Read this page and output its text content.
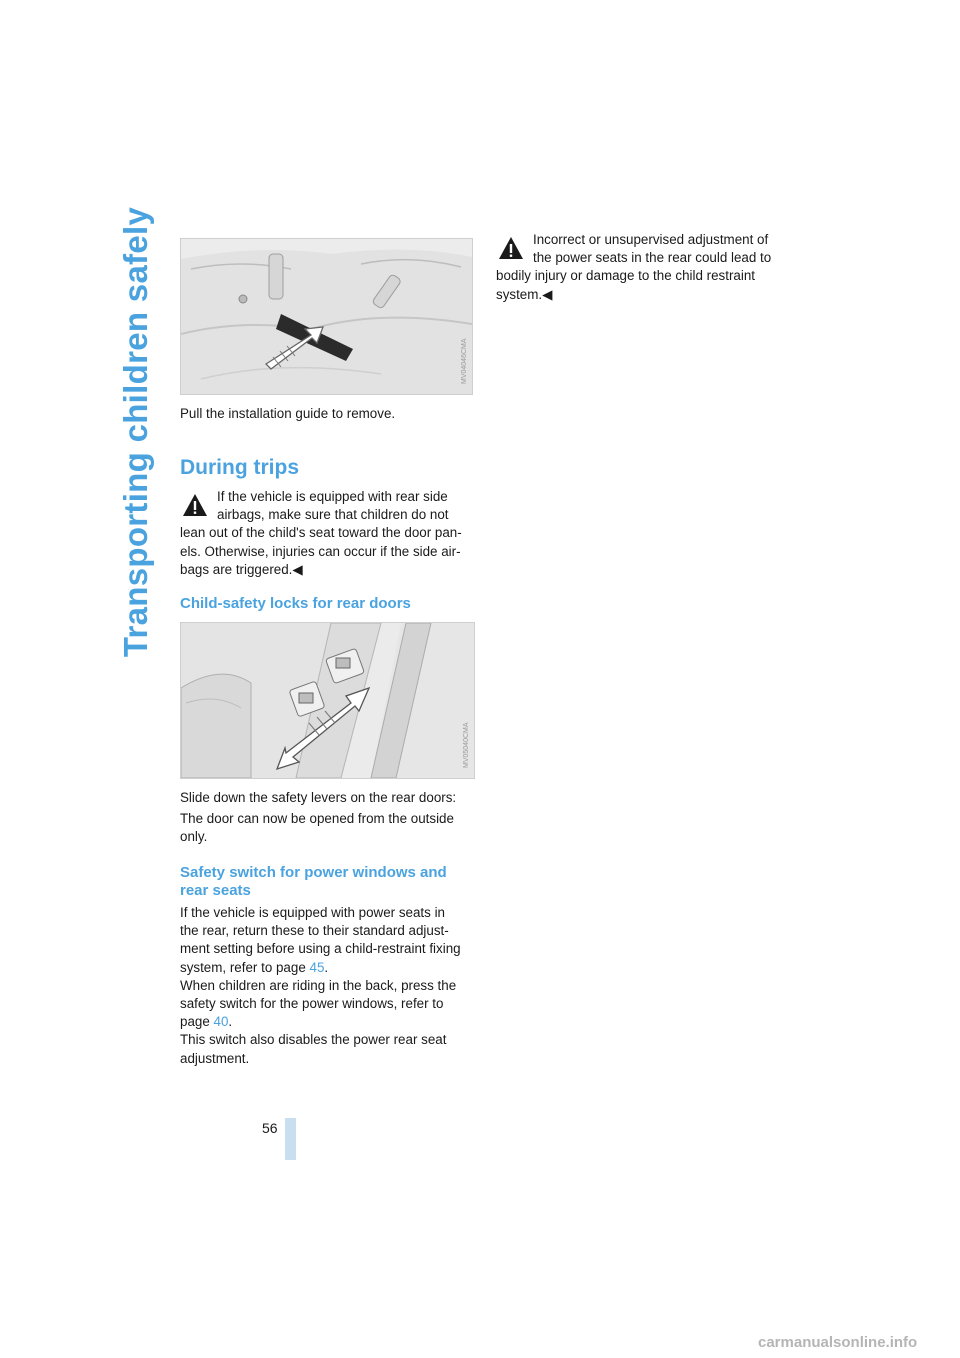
Transporting children safely	MV04046CMA

Pull the installation guide to remove.

During trips

If the vehicle is equipped with rear side
airbags, make sure that children do not
lean out of the child's seat toward the door pan-
els. Otherwise, injuries can occur if the side air-
bags are triggered.◀

Child-safety locks for rear doors
MV05040CMA

Slide down the safety levers on the rear doors:

The door can now be opened from the outside
only.

Safety switch for power windows and
rear seats

If the vehicle is equipped with power seats in
the rear, return these to their standard adjust-
ment setting before using a child-restraint fixing
system, refer to page 45.
When children are riding in the back, press the
safety switch for the power windows, refer to
page 40.
This switch also disables the power rear seat
adjustment.

Incorrect or unsupervised adjustment of
the power seats in the rear could lead to
bodily injury or damage to the child restraint
system.◀

56
carmanualsonline.info
